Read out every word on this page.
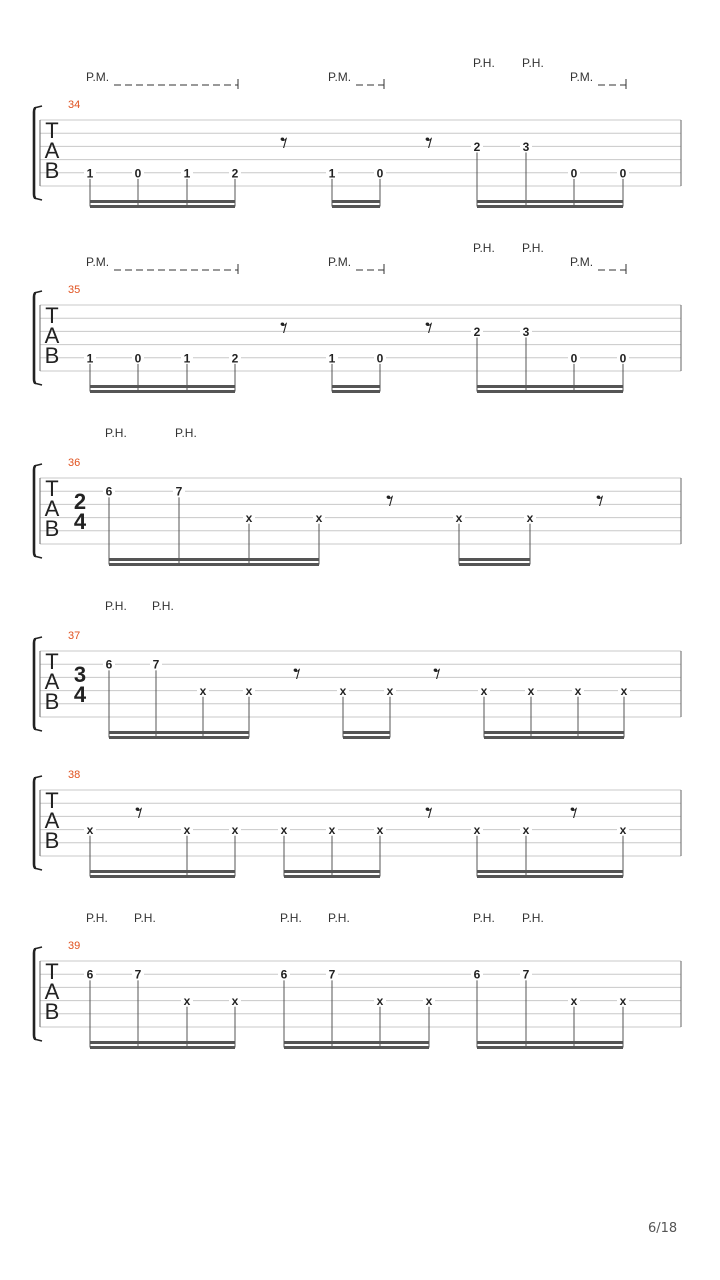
T
A
B
34
P.M.	P.M.
P.H. P.H.
P.M.
𝄾	𝄾
1	0	1	2	1	0
2	3
0	0
T
A
B
35
P.M.	P.M.
P.H. P.H.
P.M.
𝄾	𝄾
1	0	1	2	1	0
2	3
0	0
T
A
B
36
2
4
P.H.	P.H.
𝄾	𝄾
6	7
x	x	x	x
T
A
B
37
3
4
P.H. P.H.
𝄾	𝄾
6	7
x	x	x	x	x	x	x	x
T
A
B
38
𝄾	𝄾	𝄾
x	x	x	x	x	x	x	x	x
T
A
B
39
P.H. P.H.	P.H. P.H.	P.H. P.H.
6	7
x	x
6	7
x	x
6	7
x	x
6/18
